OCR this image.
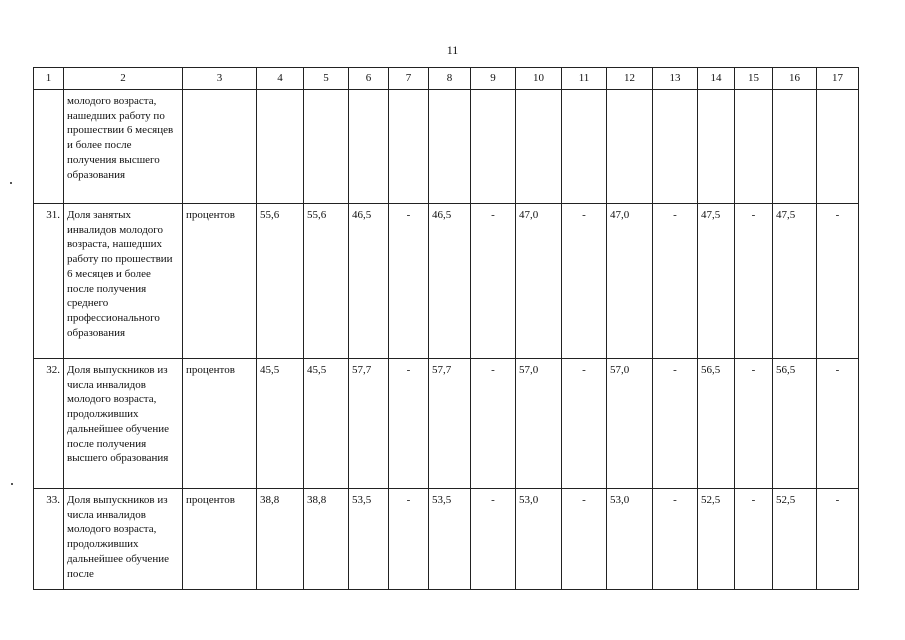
11
1	2	3	4	5	6	7	8	9	10	11	12	13	14	15	16	17
	молодого возраста, нашедших работу по прошествии 6 месяцев и более после получения высшего образования															
31.	Доля занятых инвалидов молодого возраста, нашедших работу по прошествии 6 месяцев и более после получения среднего профессионального образования	процентов	55,6	55,6	46,5	-	46,5	-	47,0	-	47,0	-	47,5	-	47,5	-
32.	Доля выпускников из числа инвалидов молодого возраста, продолживших дальнейшее обучение после получения высшего образования	процентов	45,5	45,5	57,7	-	57,7	-	57,0	-	57,0	-	56,5	-	56,5	-
33.	Доля выпускников из числа инвалидов молодого возраста, продолживших дальнейшее обучение после	процентов	38,8	38,8	53,5	-	53,5	-	53,0	-	53,0	-	52,5	-	52,5	-
